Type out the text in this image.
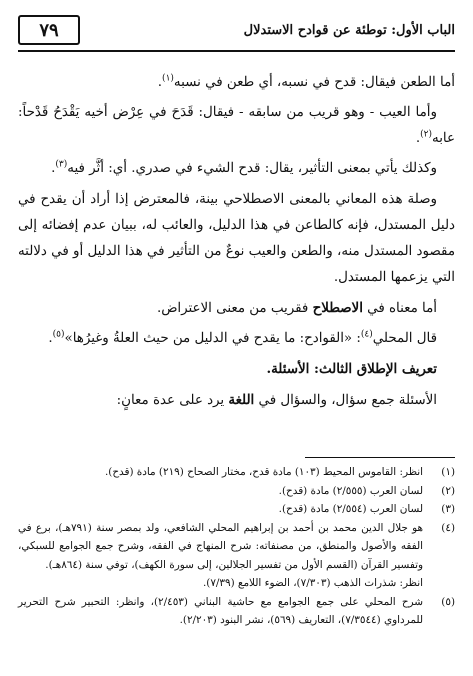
الباب الأول: توطئة عن قوادح الاستدلال
٧٩

أما الطعن فيقال: قدح في نسبه، أي طعن في نسبه$^{(١)}$.

وأما العيب - وهو قريب من سابقه - فيقال: قَدَحَ في عِرْض أخيه يَقْدَحُ قَدْحاً: عابه$^{(٢)}$.

وكذلك يأتي بمعنى التأثير، يقال: قدح الشيء في صدري. أي: أثَّر فيه$^{(٣)}$.

وصلة هذه المعاني بالمعنى الاصطلاحي بينة، فالمعترض إذا أراد أن يقدح في دليل المستدل، فإنه كالطاعن في هذا الدليل، والعائب له، ببيان عدم إفضائه إلى مقصود المستدل منه، والطعن والعيب نوعٌ من التأثير في هذا الدليل أو في دلالته التي يزعمها المستدل.

أما معناه في الاصطلاح فقريب من معنى الاعتراض.

قال المحلي$^{(٤)}$: «القوادح: ما يقدح في الدليل من حيث العلةُ وغيرُها»$^{(٥)}$.

تعريف الإطلاق الثالث: الأسئلة.

الأسئلة جمع سؤال، والسؤال في اللغة يرد على عدة معانٍ:

(١)
انظر: القاموس المحيط (١٠٣) مادة قدح، مختار الصحاح (٢١٩) مادة (قدح).
(٢)
لسان العرب (٢/٥٥٥) مادة (قدح).
(٣)
لسان العرب (٢/٥٥٤) مادة (قدح).
(٤)
هو جلال الدين محمد بن أحمد بن إبراهيم المحلي الشافعي، ولد بمصر سنة (٧٩١هـ)، برع في الفقه والأصول والمنطق، من مصنفاته: شرح المنهاج في الفقه، وشرح جمع الجوامع للسبكي، وتفسير القرآن (القسم الأول من تفسير الجلالين، إلى سورة الكهف)، توفي سنة (٨٦٤هـ).
انظر: شذرات الذهب (٧/٣٠٣)، الضوء اللامع (٧/٣٩).
(٥)
شرح المحلي على جمع الجوامع مع حاشية البناني (٢/٤٥٣)، وانظر: التحبير شرح التحرير للمرداوي (٧/٣٥٤٤)، التعاريف (٥٦٩)، نشر البنود (٢/٢٠٣).
